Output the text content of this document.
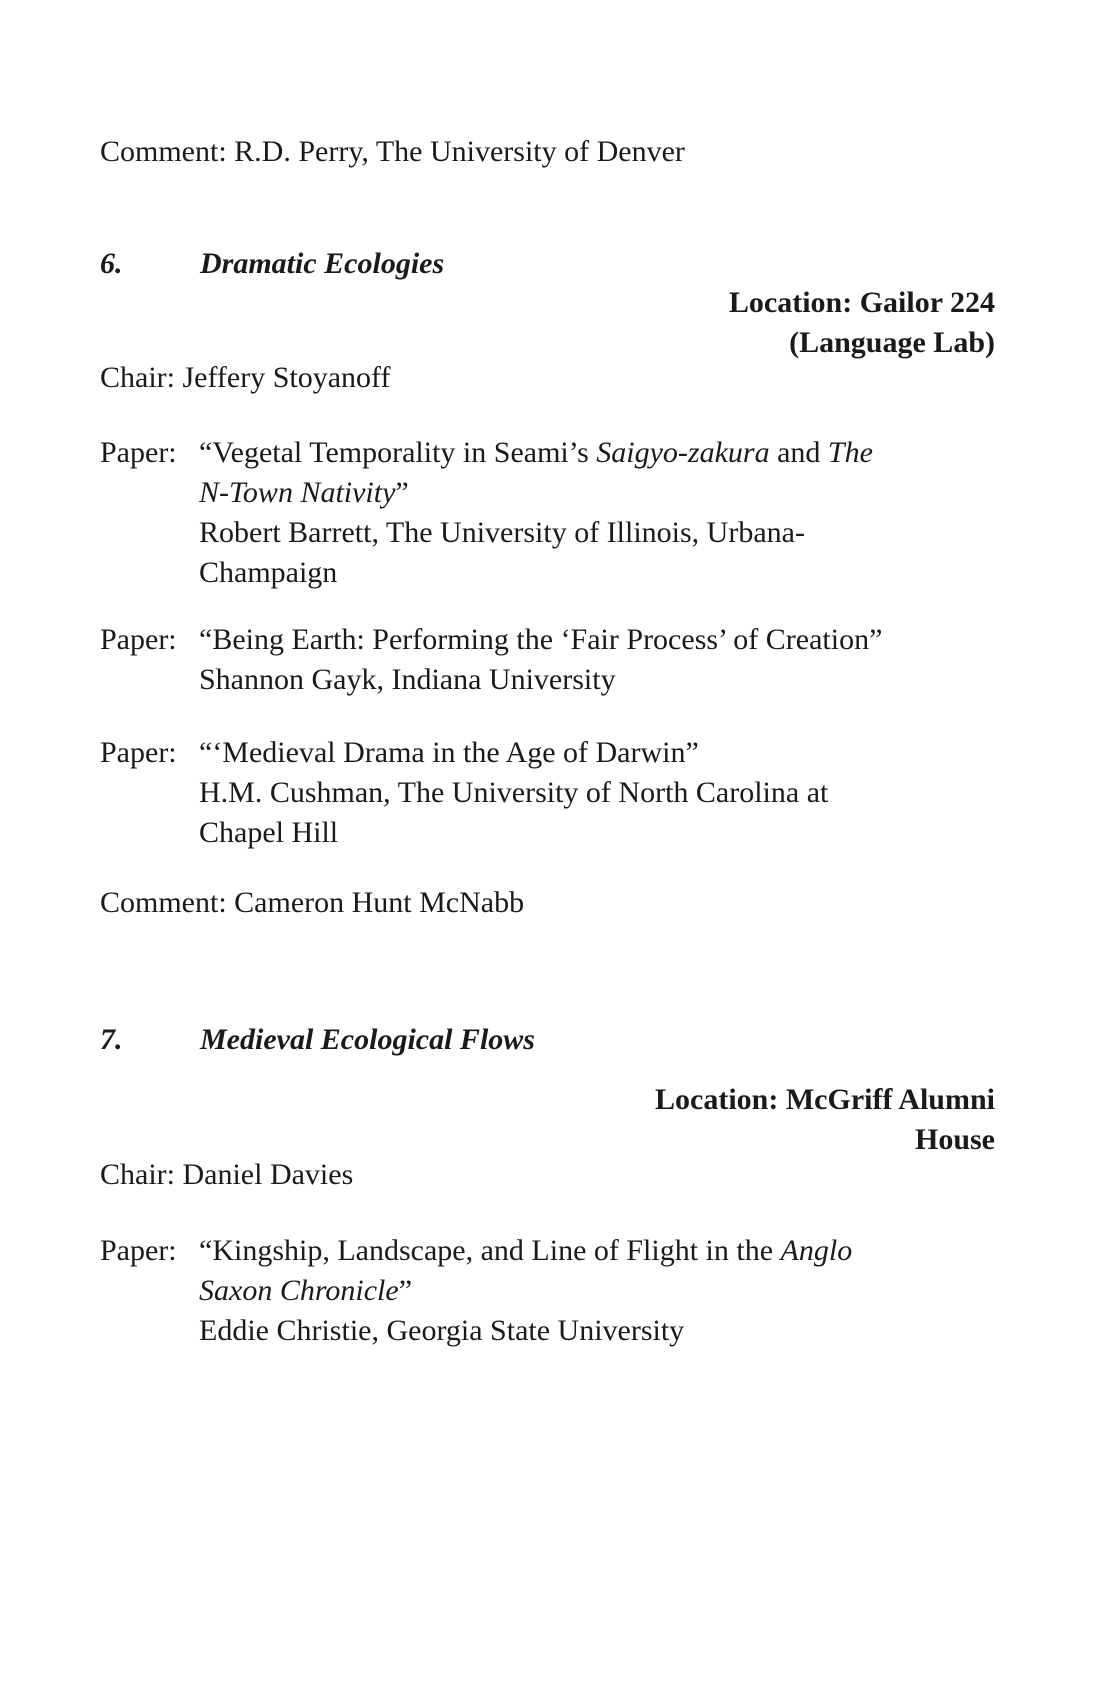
Comment: R.D. Perry, The University of Denver
6.	Dramatic Ecologies
Location: Gailor 224
(Language Lab)
Chair: Jeffery Stoyanoff
Paper: “Vegetal Temporality in Seami’s Saigyo-zakura and The
N-Town Nativity”
Robert Barrett, The University of Illinois, Urbana-
Champaign
Paper: “Being Earth: Performing the ‘Fair Process’ of Creation”
Shannon Gayk, Indiana University
Paper: “‘Medieval Drama in the Age of Darwin”
H.M. Cushman, The University of North Carolina at
Chapel Hill
Comment: Cameron Hunt McNabb
7.	Medieval Ecological Flows
Location: McGriff Alumni
House
Chair: Daniel Davies
Paper: “Kingship, Landscape, and Line of Flight in the Anglo
Saxon Chronicle”
Eddie Christie, Georgia State University
